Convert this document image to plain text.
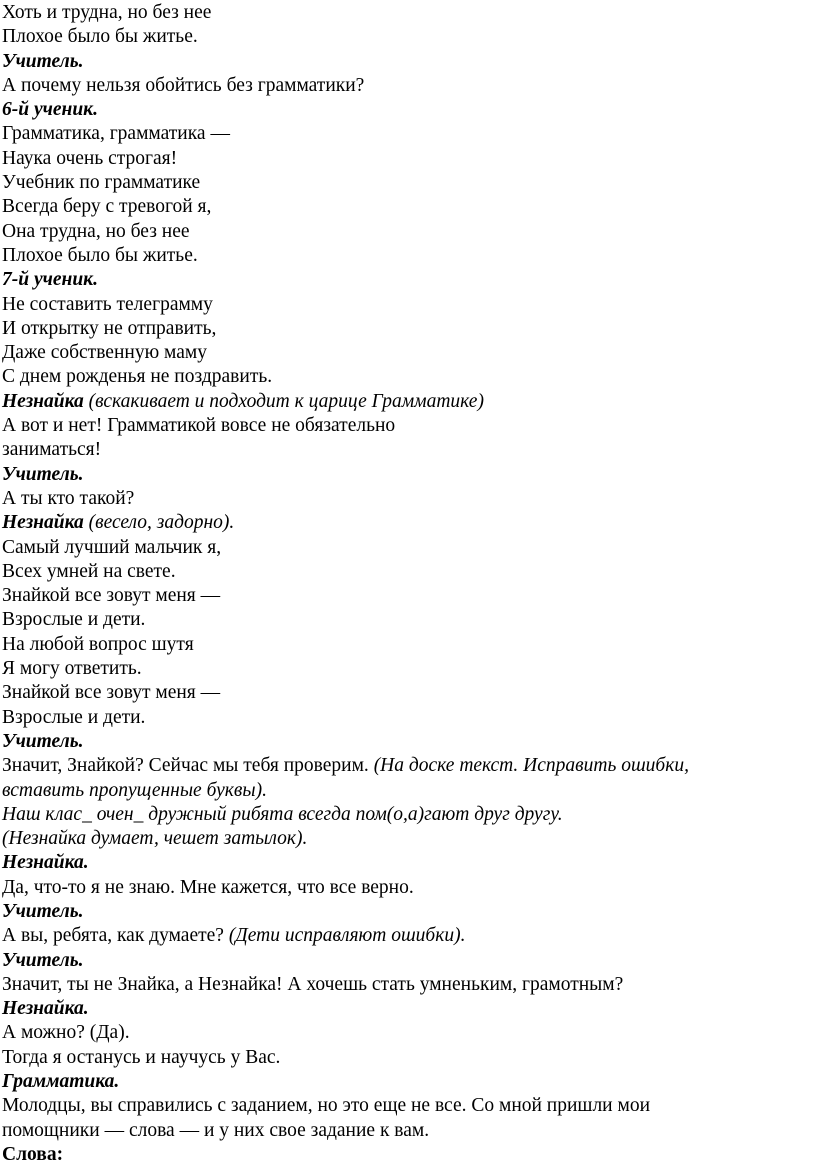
Хоть и трудна, но без нее
Плохое было бы житье.
Учитель.
А почему нельзя обойтись без грамматики?
6-й ученик.
Грамматика, грамматика —
Наука очень строгая!
Учебник по грамматике
Всегда беру с тревогой я,
Она трудна, но без нее
Плохое было бы житье.
7-й ученик.
Не составить телеграмму
И открытку не отправить,
Даже собственную маму
С днем рожденья не поздравить.
Незнайка (вскакивает и подходит к царице Грамматике)
А вот и нет! Грамматикой вовсе не обязательно
заниматься!
Учитель.
А ты кто такой?
Незнайка (весело, задорно).
Самый лучший мальчик я,
Всех умней на свете.
Знайкой все зовут меня —
Взрослые и дети.
На любой вопрос шутя
Я могу ответить.
Знайкой все зовут меня —
Взрослые и дети.
Учитель.
Значит, Знайкой? Сейчас мы тебя проверим. (На доске текст. Исправить ошибки,
вставить пропущенные буквы).
Наш клас_ очен_ дружный рибята всегда пом(о,а)гают друг другу.
(Незнайка думает, чешет затылок).
Незнайка.
Да, что-то я не знаю. Мне кажется, что все верно.
Учитель.
А вы, ребята, как думаете? (Дети исправляют ошибки).
Учитель.
Значит, ты не Знайка, а Незнайка! А хочешь стать умненьким, грамотным?
Незнайка.
А можно? (Да).
Тогда я останусь и научусь у Вас.
Грамматика.
Молодцы, вы справились с заданием, но это еще не все. Со мной пришли мои
помощники — слова — и у них свое задание к вам.
Слова:
